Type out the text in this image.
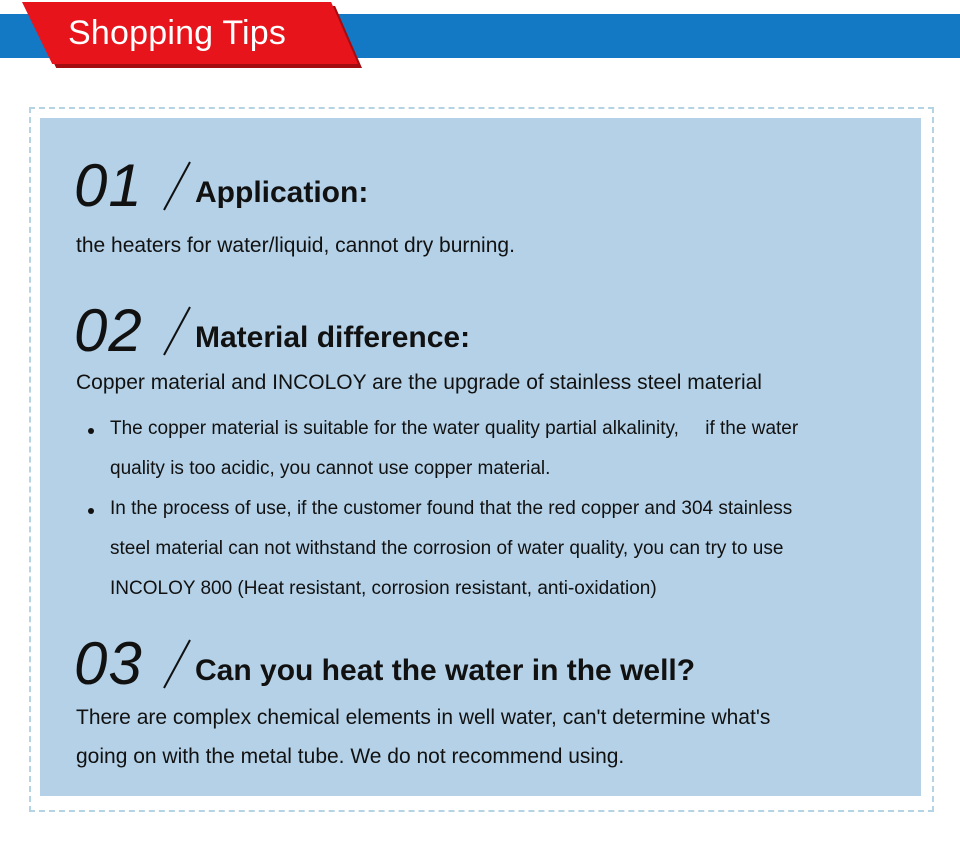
Shopping Tips
01 Application:
the heaters for water/liquid, cannot dry burning.
02 Material difference:
Copper material and INCOLOY are the upgrade of stainless steel material
The copper material is suitable for the water quality partial alkalinity,     if the water
quality is too acidic, you cannot use copper material.
In the process of use, if the customer found that the red copper and 304 stainless
steel material can not withstand the corrosion of water quality, you can try to use
INCOLOY 800 (Heat resistant, corrosion resistant, anti-oxidation)
03 Can you heat the water in the well?
There are complex chemical elements in well water, can't determine what's
going on with the metal tube. We do not recommend using.
